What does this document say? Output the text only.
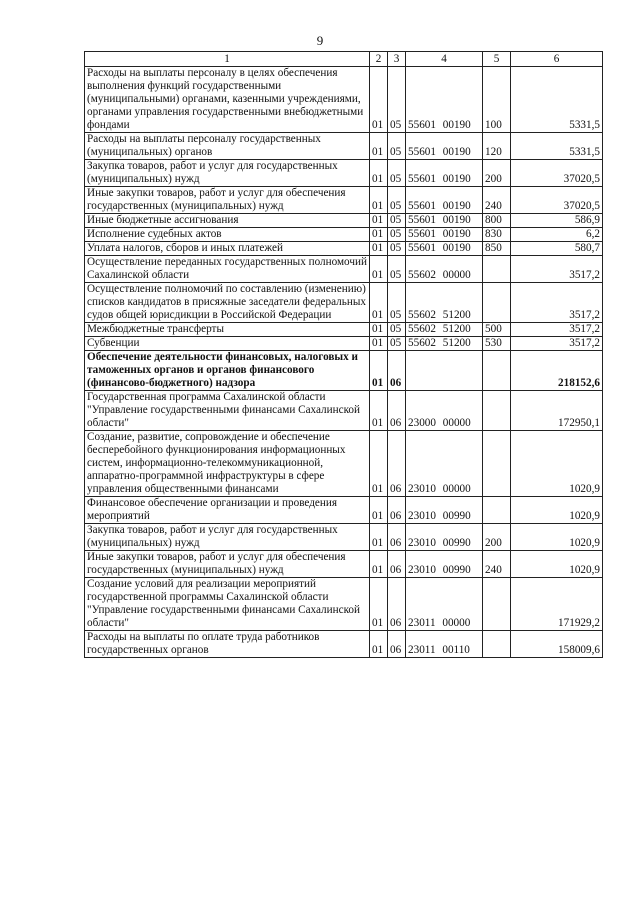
9
1	2	3	4	5	6
Расходы на выплаты персоналу в целях обеспечения выполнения функций государственными (муниципальными) органами, казенными учреждениями, органами управления государственными внебюджетными фондами	01	05	55601 00190	100	5331,5
Расходы на выплаты персоналу государственных (муниципальных) органов	01	05	55601 00190	120	5331,5
Закупка товаров, работ и услуг для государственных (муниципальных) нужд	01	05	55601 00190	200	37020,5
Иные закупки товаров, работ и услуг для обеспечения государственных (муниципальных) нужд	01	05	55601 00190	240	37020,5
Иные бюджетные ассигнования	01	05	55601 00190	800	586,9
Исполнение судебных актов	01	05	55601 00190	830	6,2
Уплата налогов, сборов и иных платежей	01	05	55601 00190	850	580,7
Осуществление переданных государственных полномочий Сахалинской области	01	05	55602 00000		3517,2
Осуществление полномочий по составлению (изменению) списков кандидатов в присяжные заседатели федеральных судов общей юрисдикции в Российской Федерации	01	05	55602 51200		3517,2
Межбюджетные трансферты	01	05	55602 51200	500	3517,2
Субвенции	01	05	55602 51200	530	3517,2
Обеспечение деятельности финансовых, налоговых и таможенных органов и органов финансового (финансово-бюджетного) надзора	01	06			218152,6
Государственная программа Сахалинской области "Управление государственными финансами Сахалинской области"	01	06	23000 00000		172950,1
Создание, развитие, сопровождение и обеспечение бесперебойного функционирования информационных систем, информационно-телекоммуникационной, аппаратно-программной инфраструктуры в сфере управления общественными финансами	01	06	23010 00000		1020,9
Финансовое обеспечение организации и проведения мероприятий	01	06	23010 00990		1020,9
Закупка товаров, работ и услуг для государственных (муниципальных) нужд	01	06	23010 00990	200	1020,9
Иные закупки товаров, работ и услуг для обеспечения государственных (муниципальных) нужд	01	06	23010 00990	240	1020,9
Создание условий для реализации мероприятий государственной программы Сахалинской области "Управление государственными финансами Сахалинской области"	01	06	23011 00000		171929,2
Расходы на выплаты по оплате труда работников государственных органов	01	06	23011 00110		158009,6
